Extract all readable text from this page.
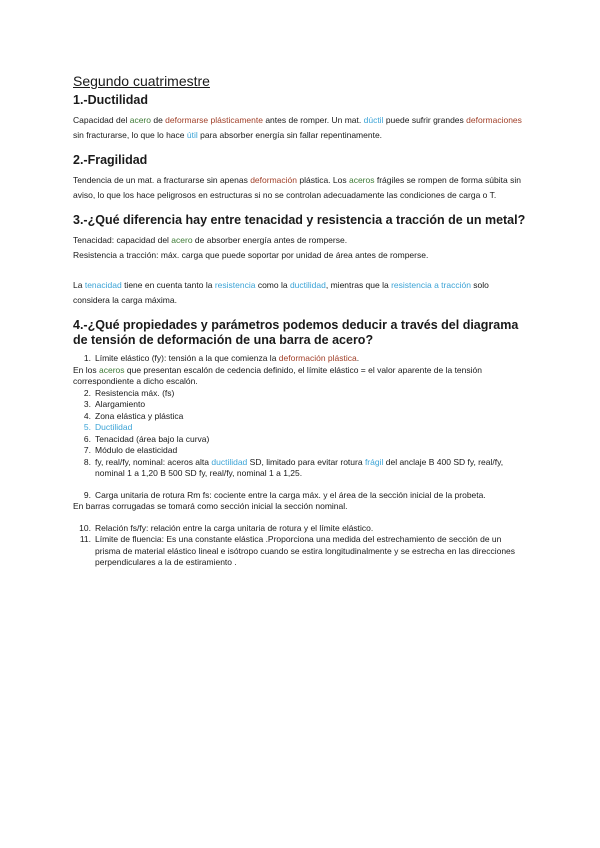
Segundo cuatrimestre
1.-Ductilidad

Capacidad del acero de deformarse plásticamente antes de romper. Un mat. dúctil puede sufrir grandes deformaciones sin fracturarse, lo que lo hace útil para absorber energía sin fallar repentinamente.

2.-Fragilidad

Tendencia de un mat. a fracturarse sin apenas deformación plástica. Los aceros frágiles se rompen de forma súbita sin aviso, lo que los hace peligrosos en estructuras si no se controlan adecuadamente las condiciones de carga o T.

3.-¿Qué diferencia hay entre tenacidad y resistencia a tracción de un metal?

Tenacidad: capacidad del acero de absorber energía antes de romperse.

Resistencia a tracción: máx. carga que puede soportar por unidad de área antes de romperse.

La tenacidad tiene en cuenta tanto la resistencia como la ductilidad, mientras que la resistencia a tracción solo considera la carga máxima.

4.-¿Qué propiedades y parámetros podemos deducir a través del diagrama de tensión de deformación de una barra de acero?
1. Límite elástico (fy): tensión a la que comienza la deformación plástica.

En los aceros que presentan escalón de cedencia definido, el límite elástico = el valor aparente de la tensión correspondiente a dicho escalón.

2. Resistencia máx. (fs)
3. Alargamiento
4. Zona elástica y plástica
5. Ductilidad
6. Tenacidad (área bajo la curva)
7. Módulo de elasticidad
8. fy, real/fy, nominal: aceros alta ductilidad SD, limitado para evitar rotura frágil del anclaje B 400 SD fy, real/fy, nominal 1 a 1,20 B 500 SD fy, real/fy, nominal 1 a 1,25.
9. Carga unitaria de rotura Rm fs: cociente entre la carga máx. y el área de la sección inicial de la probeta.

En barras corrugadas se tomará como sección inicial la sección nominal.

10. Relación fs/fy: relación entre la carga unitaria de rotura y el límite elástico.
11. Límite de fluencia: Es una constante elástica .Proporciona una medida del estrechamiento de sección de un prisma de material elástico lineal e isótropo cuando se estira longitudinalmente y se estrecha en las direcciones perpendiculares a la de estiramiento .
